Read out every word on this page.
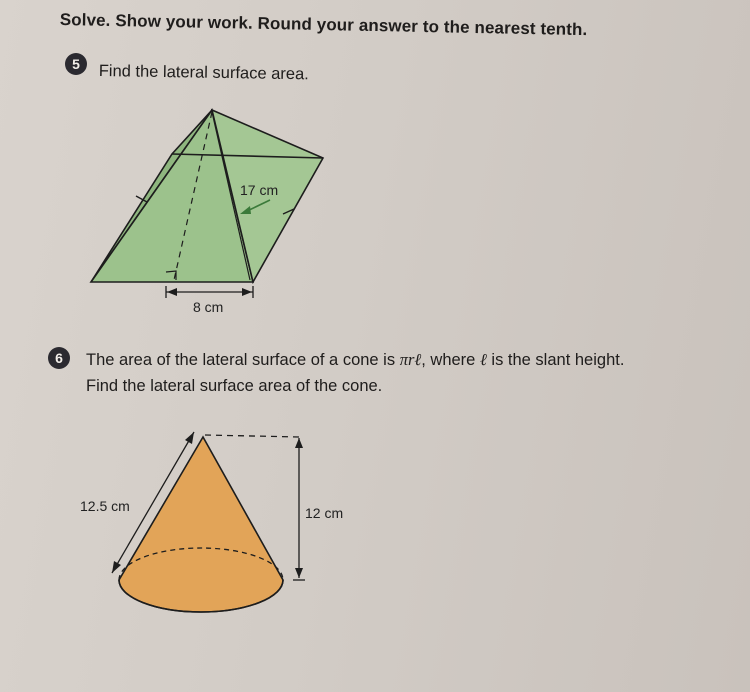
Solve. Show your work. Round your answer to the nearest tenth.
5	Find the lateral surface area.
17 cm
8 cm
6	The area of the lateral surface of a cone is πrℓ, where ℓ is the slant height.
Find the lateral surface area of the cone.
12.5 cm	12 cm
